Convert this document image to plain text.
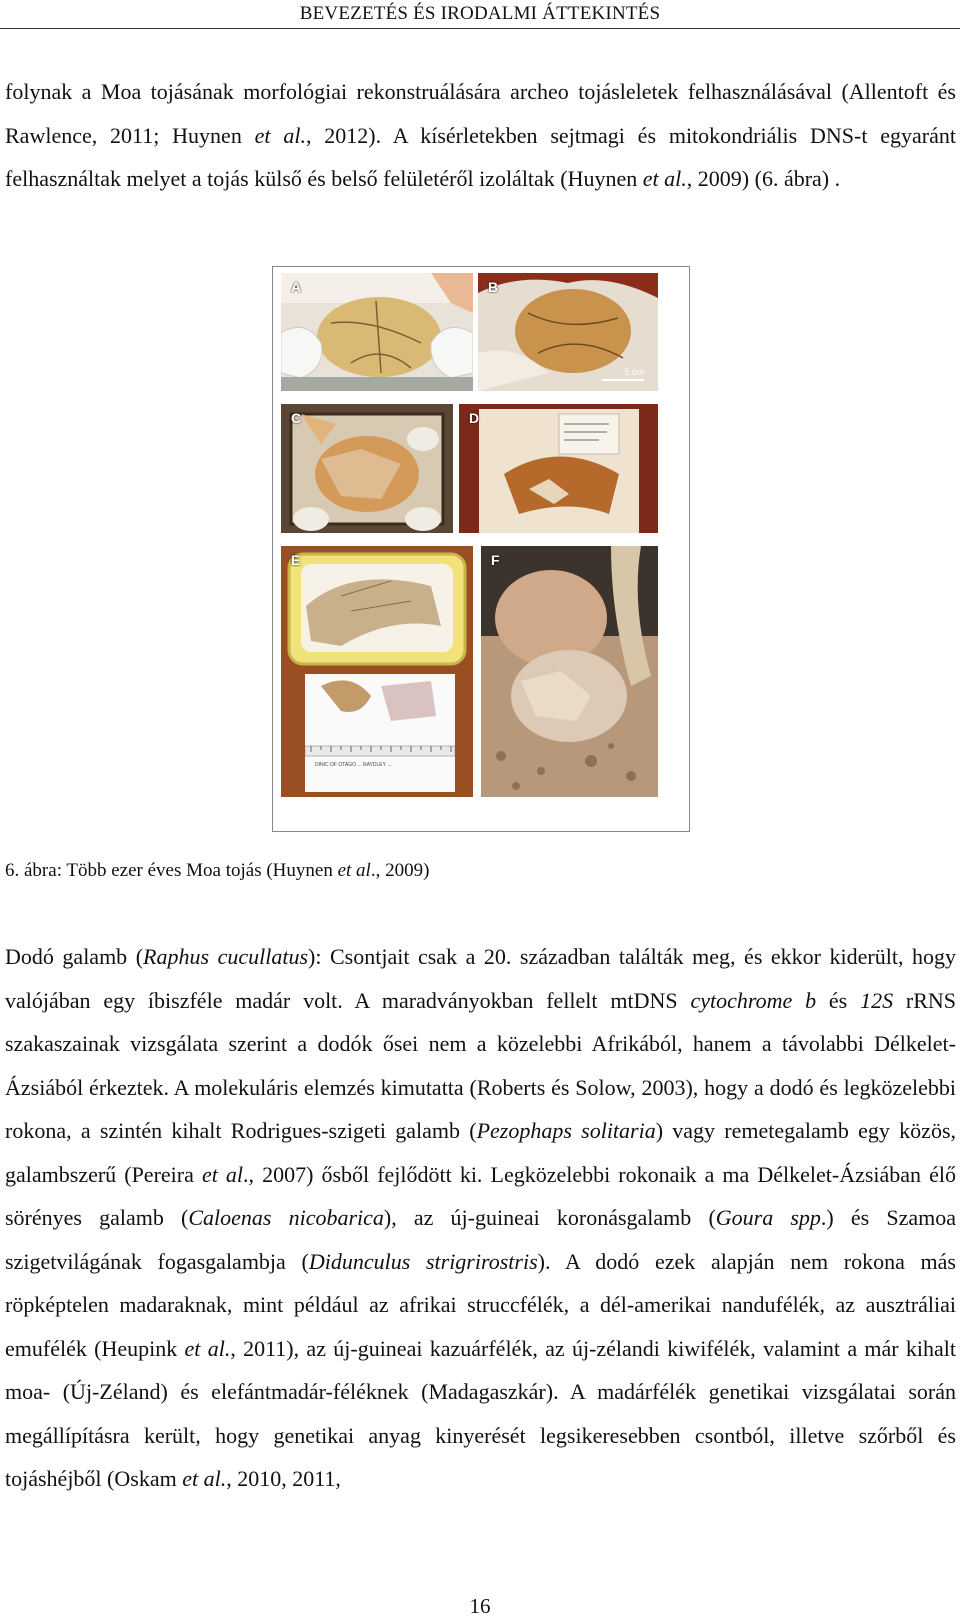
BEVEZETÉS ÉS IRODALMI ÁTTEKINTÉS

folynak a Moa tojásának morfológiai rekonstruálására archeo tojásleletek felhasználásával (Allentoft és Rawlence, 2011; Huynen et al., 2012). A kísérletekben sejtmagi és mitokondriális DNS-t egyaránt felhasználtak melyet a tojás külső és belső felületéről izoláltak (Huynen et al., 2009) (6. ábra) .

A	B
5 cm
C	D
E
DINIC OF OTAGO ... RAYDLEY ...
F
6. ábra: Több ezer éves Moa tojás (Huynen et al., 2009)

Dodó galamb (Raphus cucullatus): Csontjait csak a 20. században találták meg, és ekkor kiderült, hogy valójában egy íbiszféle madár volt. A maradványokban fellelt mtDNS cytochrome b és 12S rRNS szakaszainak vizsgálata szerint a dodók ősei nem a közelebbi Afrikából, hanem a távolabbi Délkelet-Ázsiából érkeztek. A molekuláris elemzés kimutatta (Roberts és Solow, 2003), hogy a dodó és legközelebbi rokona, a szintén kihalt Rodrigues-szigeti galamb (Pezophaps solitaria) vagy remetegalamb egy közös, galambszerű (Pereira et al., 2007) ősből fejlődött ki. Legközelebbi rokonaik a ma Délkelet-Ázsiában élő sörényes galamb (Caloenas nicobarica), az új-guineai koronásgalamb (Goura spp.) és Szamoa szigetvilágának fogasgalambja (Didunculus strigrirostris). A dodó ezek alapján nem rokona más röpképtelen madaraknak, mint például az afrikai struccfélék, a dél-amerikai nandufélék, az ausztráliai emufélék (Heupink et al., 2011), az új-guineai kazuárfélék, az új-zélandi kiwifélék, valamint a már kihalt moa- (Új-Zéland) és elefántmadár-féléknek (Madagaszkár). A madárfélék genetikai vizsgálatai során megállípításra került, hogy genetikai anyag kinyerését legsikeresebben csontból, illetve szőrből és tojáshéjből (Oskam et al., 2010, 2011,

16
